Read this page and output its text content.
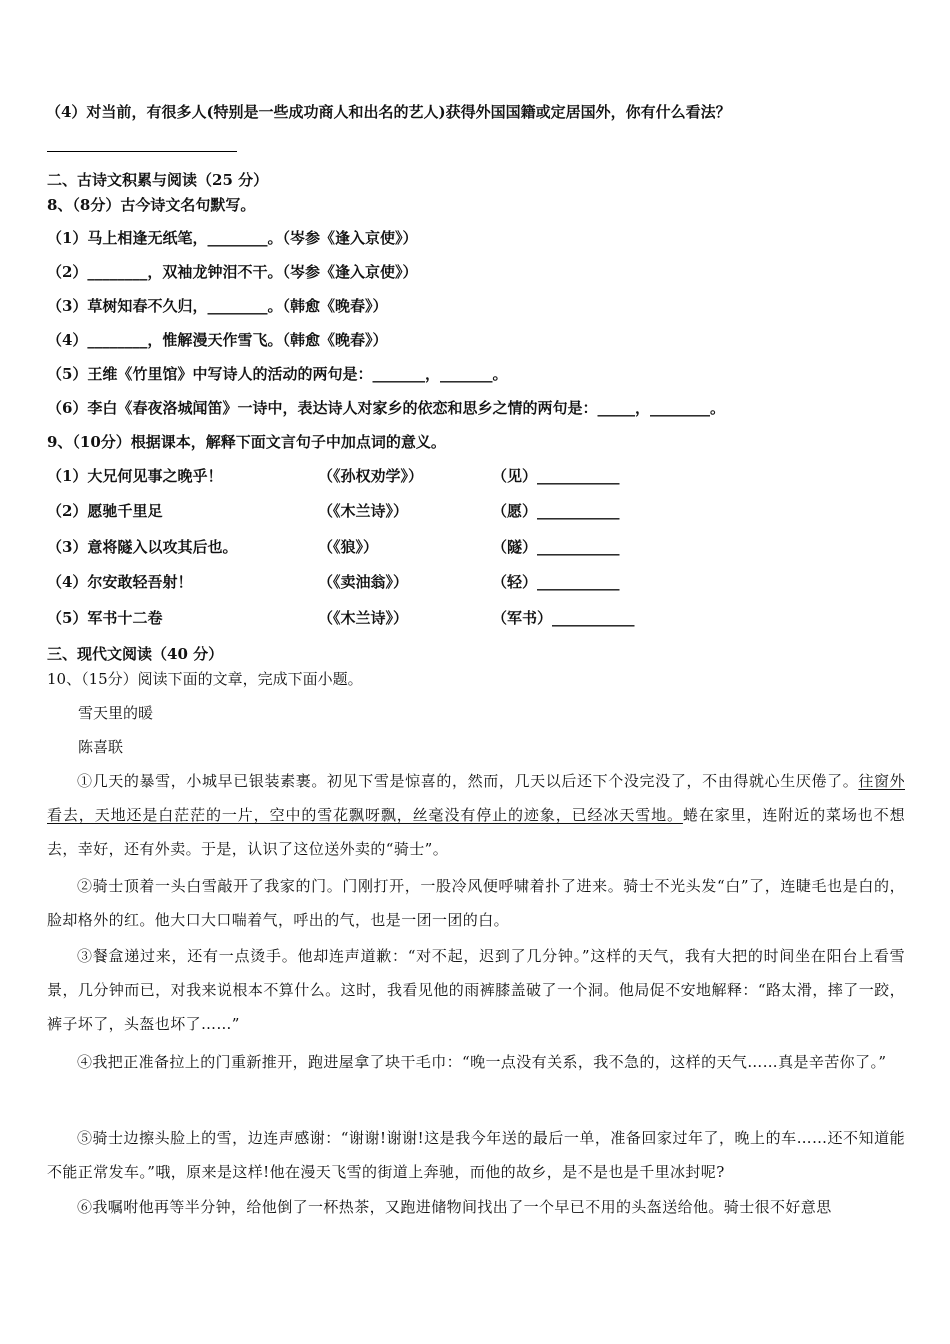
（4）对当前，有很多人(特别是一些成功商人和出名的艺人)获得外国国籍或定居国外，你有什么看法？
二、古诗文积累与阅读（25 分）
8、（8分）古今诗文名句默写。
（1）马上相逢无纸笔，________。（岑参《逢入京使》）
（2）________，双袖龙钟泪不干。（岑参《逢入京使》）
（3）草树知春不久归，________。（韩愈《晚春》）
（4）________，惟解漫天作雪飞。（韩愈《晚春》）
（5）王维《竹里馆》中写诗人的活动的两句是：_______，_______。
（6）李白《春夜洛城闻笛》一诗中，表达诗人对家乡的依恋和思乡之情的两句是：_____，________。
9、（10分）根据课本，解释下面文言句子中加点词的意义。
（1）大兄何见事之晚乎！	（《孙权劝学》）	（见）___________
（2）愿驰千里足	（《木兰诗》）	（愿）___________
（3）意将隧入以攻其后也。	（《狼》）	（隧）___________
（4）尔安敢轻吾射！	（《卖油翁》）	（轻）___________
（5）军书十二卷	（《木兰诗》）	（军书）___________
三、现代文阅读（40 分）
10、（15分）阅读下面的文章，完成下面小题。
雪天里的暖
陈喜联
①几天的暴雪，小城早已银装素裹。初见下雪是惊喜的，然而，几天以后还下个没完没了，不由得就心生厌倦了。往窗外看去，天地还是白茫茫的一片，空中的雪花飘呀飘，丝毫没有停止的迹象，已经冰天雪地。蜷在家里，连附近的菜场也不想去，幸好，还有外卖。于是，认识了这位送外卖的“骑士”。
②骑士顶着一头白雪敲开了我家的门。门刚打开，一股冷风便呼啸着扑了进来。骑士不光头发“白”了，连睫毛也是白的，脸却格外的红。他大口大口喘着气，呼出的气，也是一团一团的白。
③餐盒递过来，还有一点烫手。他却连声道歉：“对不起，迟到了几分钟。”这样的天气，我有大把的时间坐在阳台上看雪景，几分钟而已，对我来说根本不算什么。这时，我看见他的雨裤膝盖破了一个洞。他局促不安地解释：“路太滑，摔了一跤，裤子坏了，头盔也坏了……”
④我把正准备拉上的门重新推开，跑进屋拿了块干毛巾：“晚一点没有关系，我不急的，这样的天气……真是辛苦你了。”
⑤骑士边擦头脸上的雪，边连声感谢：“谢谢!谢谢!这是我今年送的最后一单，准备回家过年了，晚上的车……还不知道能不能正常发车。”哦，原来是这样!他在漫天飞雪的街道上奔驰，而他的故乡，是不是也是千里冰封呢?
⑥我嘱咐他再等半分钟，给他倒了一杯热茶，又跑进储物间找出了一个早已不用的头盔送给他。骑士很不好意思
